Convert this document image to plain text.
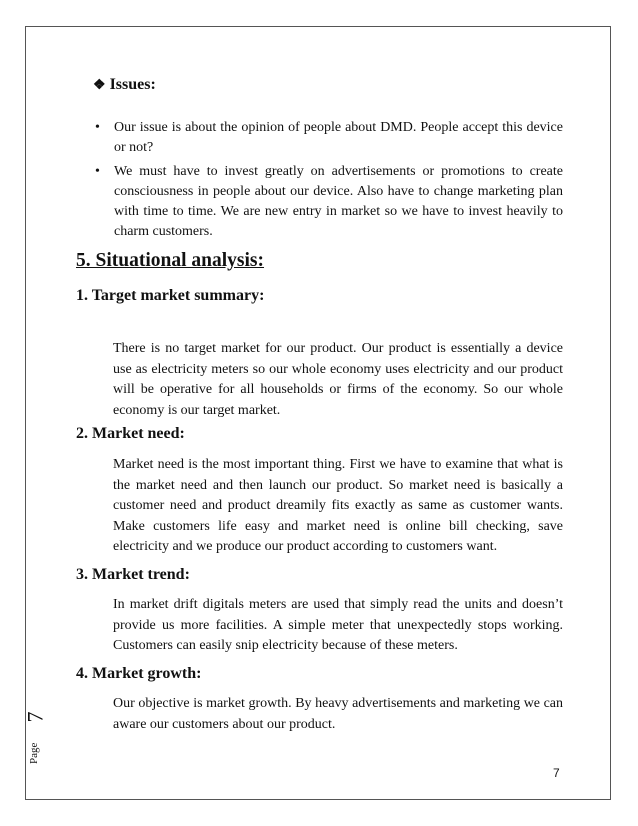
❖ Issues:
• Our issue is about the opinion of people about DMD. People accept this device or not?
• We must have to invest greatly on advertisements or promotions to create consciousness in people about our device. Also have to change marketing plan with time to time. We are new entry in market so we have to invest heavily to charm customers.
5. Situational analysis:
1. Target market summary:
There is no target market for our product. Our product is essentially a device use as electricity meters so our whole economy uses electricity and our product will be operative for all households or firms of the economy. So our whole economy is our target market.
2. Market need:
Market need is the most important thing. First we have to examine that what is the market need and then launch our product. So market need is basically a customer need and product dreamily fits exactly as same as customer wants. Make customers life easy and market need is online bill checking, save electricity and we produce our product according to customers want.
3. Market trend:
In market drift digitals meters are used that simply read the units and doesn’t provide us more facilities. A simple meter that unexpectedly stops working. Customers can easily snip electricity because of these meters.
4. Market growth:
Our objective is market growth. By heavy advertisements and marketing we can aware our customers about our product.
7
Page
7
